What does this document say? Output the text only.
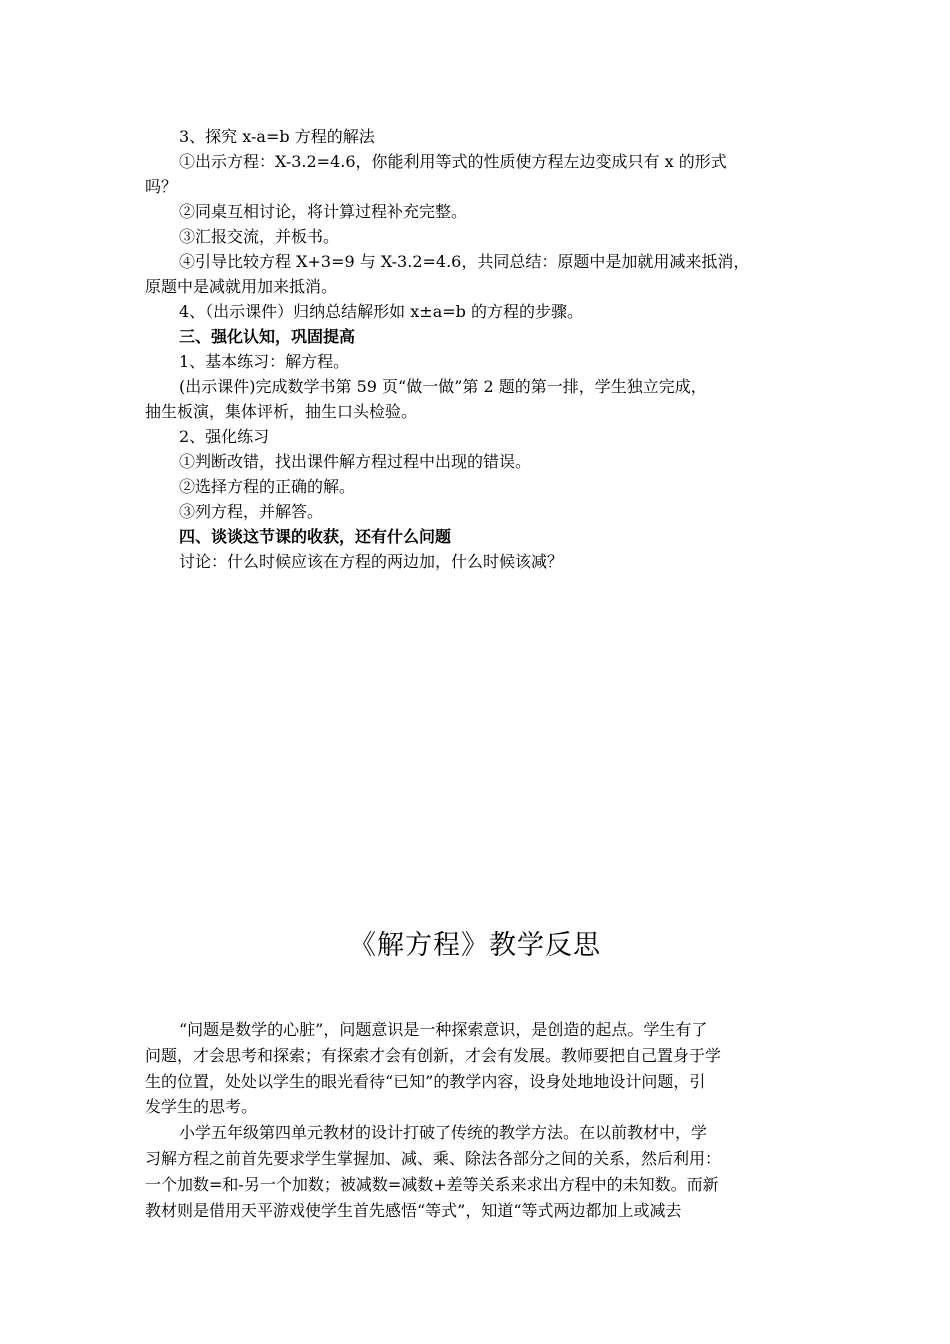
3、探究 x-a=b 方程的解法
①出示方程：X-3.2=4.6，你能利用等式的性质使方程左边变成只有 x 的形式
吗？
②同桌互相讨论，将计算过程补充完整。
③汇报交流，并板书。
④引导比较方程 X+3=9 与 X-3.2=4.6，共同总结：原题中是加就用减来抵消，
原题中是减就用加来抵消。
4、（出示课件）归纳总结解形如 x±a=b 的方程的步骤。
三、强化认知，巩固提高
1、基本练习：解方程。
(出示课件)完成数学书第 59 页“做一做”第 2 题的第一排，学生独立完成，
抽生板演，集体评析，抽生口头检验。
2、强化练习
①判断改错，找出课件解方程过程中出现的错误。
②选择方程的正确的解。
③列方程，并解答。
四、谈谈这节课的收获，还有什么问题
讨论：什么时候应该在方程的两边加，什么时候该减？
《解方程》教学反思
“问题是数学的心脏”，问题意识是一种探索意识，是创造的起点。学生有了
问题，才会思考和探索；有探索才会有创新，才会有发展。教师要把自己置身于学
生的位置，处处以学生的眼光看待“已知”的教学内容，设身处地地设计问题，引
发学生的思考。
小学五年级第四单元教材的设计打破了传统的教学方法。在以前教材中，学
习解方程之前首先要求学生掌握加、减、乘、除法各部分之间的关系，然后利用：
一个加数=和-另一个加数；被减数=减数+差等关系来求出方程中的未知数。而新
教材则是借用天平游戏使学生首先感悟“等式”，知道“等式两边都加上或减去
